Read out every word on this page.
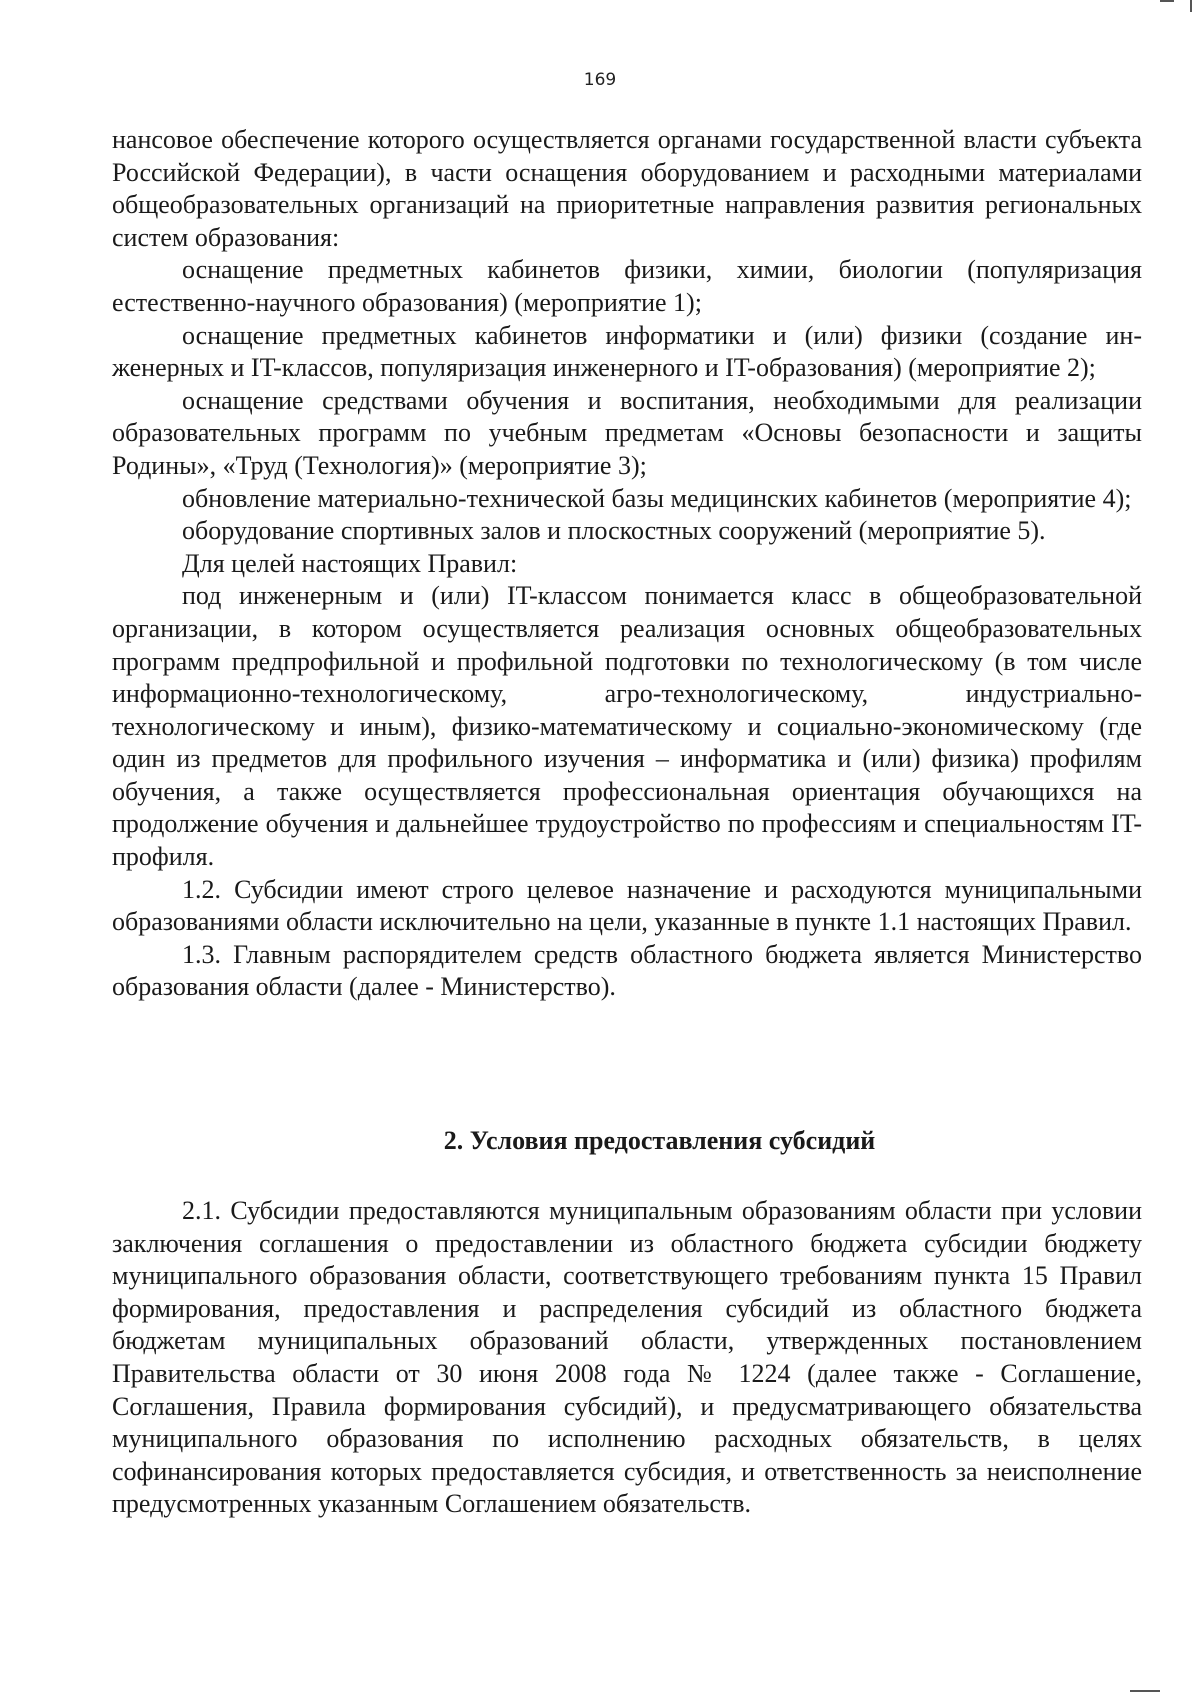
169

нансовое обеспечение которого осуществляется органами государственной власти субъекта Российской Федерации), в части оснащения оборудованием и расходными материалами общеобразовательных организаций на приоритетные направления развития региональных систем образования:

оснащение предметных кабинетов физики, химии, биологии (популяризация естественно-научного образования) (мероприятие 1);

оснащение предметных кабинетов информатики и (или) физики (создание инженерных и IT-классов, популяризация инженерного и IT-образования) (мероприятие 2);

оснащение средствами обучения и воспитания, необходимыми для реализации образовательных программ по учебным предметам «Основы безопасности и защиты Родины», «Труд (Технология)» (мероприятие 3);

обновление материально-технической базы медицинских кабинетов (мероприятие 4);

оборудование спортивных залов и плоскостных сооружений (мероприятие 5).

Для целей настоящих Правил:

под инженерным и (или) IT-классом понимается класс в общеобразовательной организации, в котором осуществляется реализация основных общеобразовательных программ предпрофильной и профильной подготовки по технологическому (в том числе информационно-технологическому, агро-технологическому, индустриально-технологическому и иным), физико-математическому и социально-экономическому (где один из предметов для профильного изучения – информатика и (или) физика) профилям обучения, а также осуществляется профессиональная ориентация обучающихся на продолжение обучения и дальнейшее трудоустройство по профессиям и специальностям IT-профиля.

1.2. Субсидии имеют строго целевое назначение и расходуются муниципальными образованиями области исключительно на цели, указанные в пункте 1.1 настоящих Правил.

1.3. Главным распорядителем средств областного бюджета является Министерство образования области (далее - Министерство).

2. Условия предоставления субсидий

2.1. Субсидии предоставляются муниципальным образованиям области при условии заключения соглашения о предоставлении из областного бюджета субсидии бюджету муниципального образования области, соответствующего требованиям пункта 15 Правил формирования, предоставления и распределения субсидий из областного бюджета бюджетам муниципальных образований области, утвержденных постановлением Правительства области от 30 июня 2008 года № 1224 (далее также - Соглашение, Соглашения, Правила формирования субсидий), и предусматривающего обязательства муниципального образования по исполнению расходных обязательств, в целях софинансирования которых предоставляется субсидия, и ответственность за неисполнение предусмотренных указанным Соглашением обязательств.
